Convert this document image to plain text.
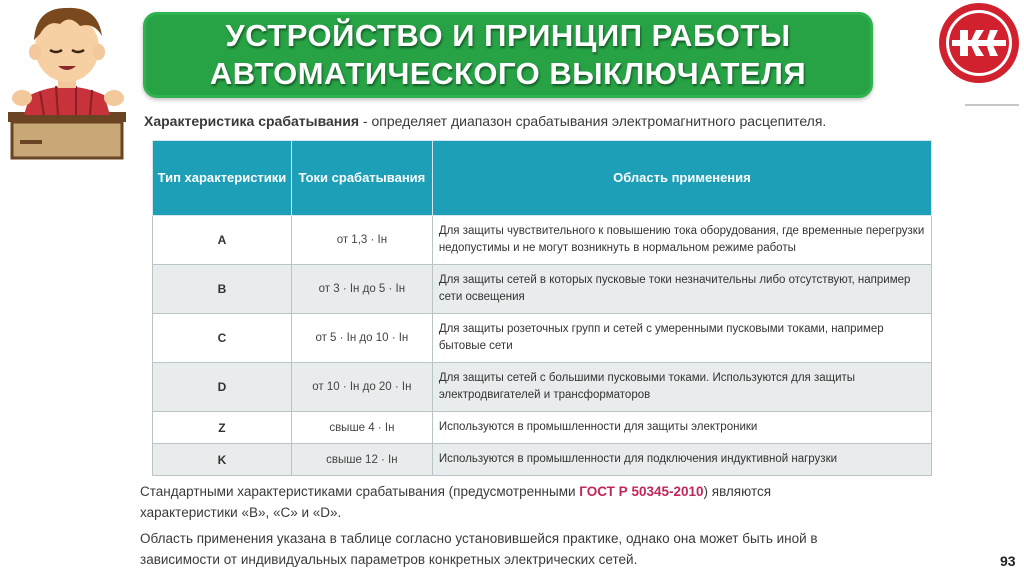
УСТРОЙСТВО И ПРИНЦИП РАБОТЫ
АВТОМАТИЧЕСКОГО ВЫКЛЮЧАТЕЛЯ
Характеристика срабатывания - определяет диапазон срабатывания электромагнитного расцепителя.
Тип характеристики	Токи срабатывания	Область применения
A	от 1,3 · Iн	Для защиты чувствительного к повышению тока оборудования, где временные перегрузки недопустимы и не могут возникнуть в нормальном режиме работы
B	от 3 · Iн до 5 · Iн	Для защиты сетей в которых пусковые токи незначительны либо отсутствуют, например сети освещения
C	от 5 · Iн до 10 · Iн	Для защиты розеточных групп и сетей с умеренными пусковыми токами, например бытовые сети
D	от 10 · Iн до 20 · Iн	Для защиты сетей с большими пусковыми токами. Используются для защиты электродвигателей и трансформаторов
Z	свыше 4 · Iн	Используются в промышленности для защиты электроники
K	свыше 12 · Iн	Используются в промышленности для подключения индуктивной нагрузки
Стандартными характеристиками срабатывания (предусмотренными ГОСТ Р 50345-2010) являются характеристики «B», «C» и «D».
Область применения указана в таблице согласно установившейся практике, однако она может быть иной в зависимости от индивидуальных параметров конкретных электрических сетей.	93
